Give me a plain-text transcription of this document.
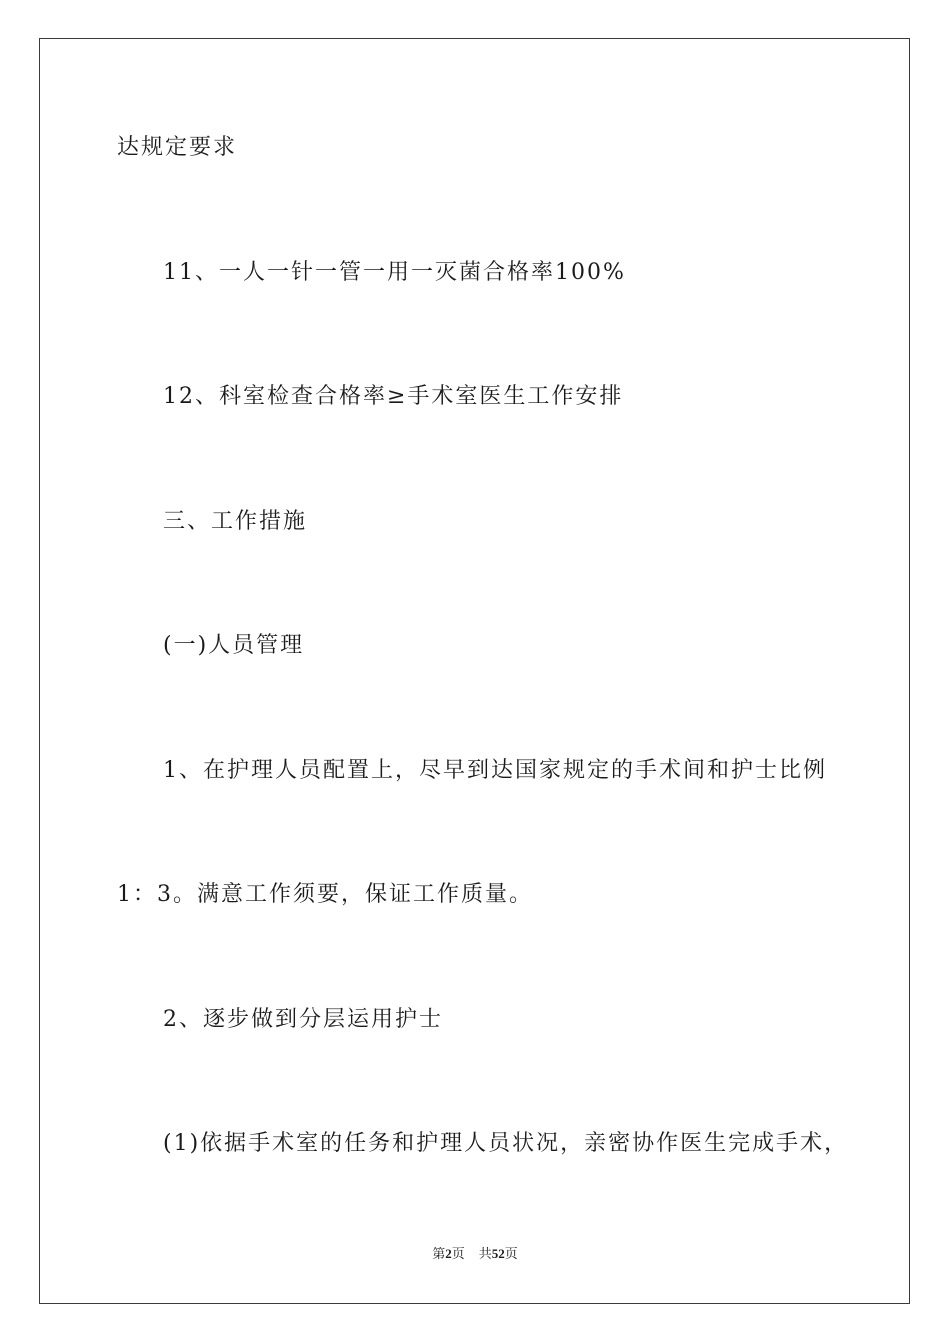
达规定要求
11、一人一针一管一用一灭菌合格率100%
12、科室检查合格率≥手术室医生工作安排
三、工作措施
(一)人员管理
1、在护理人员配置上，尽早到达国家规定的手术间和护士比例
1：3。满意工作须要，保证工作质量。
2、逐步做到分层运用护士
(1)依据手术室的任务和护理人员状况，亲密协作医生完成手术，
第2页 共52页
